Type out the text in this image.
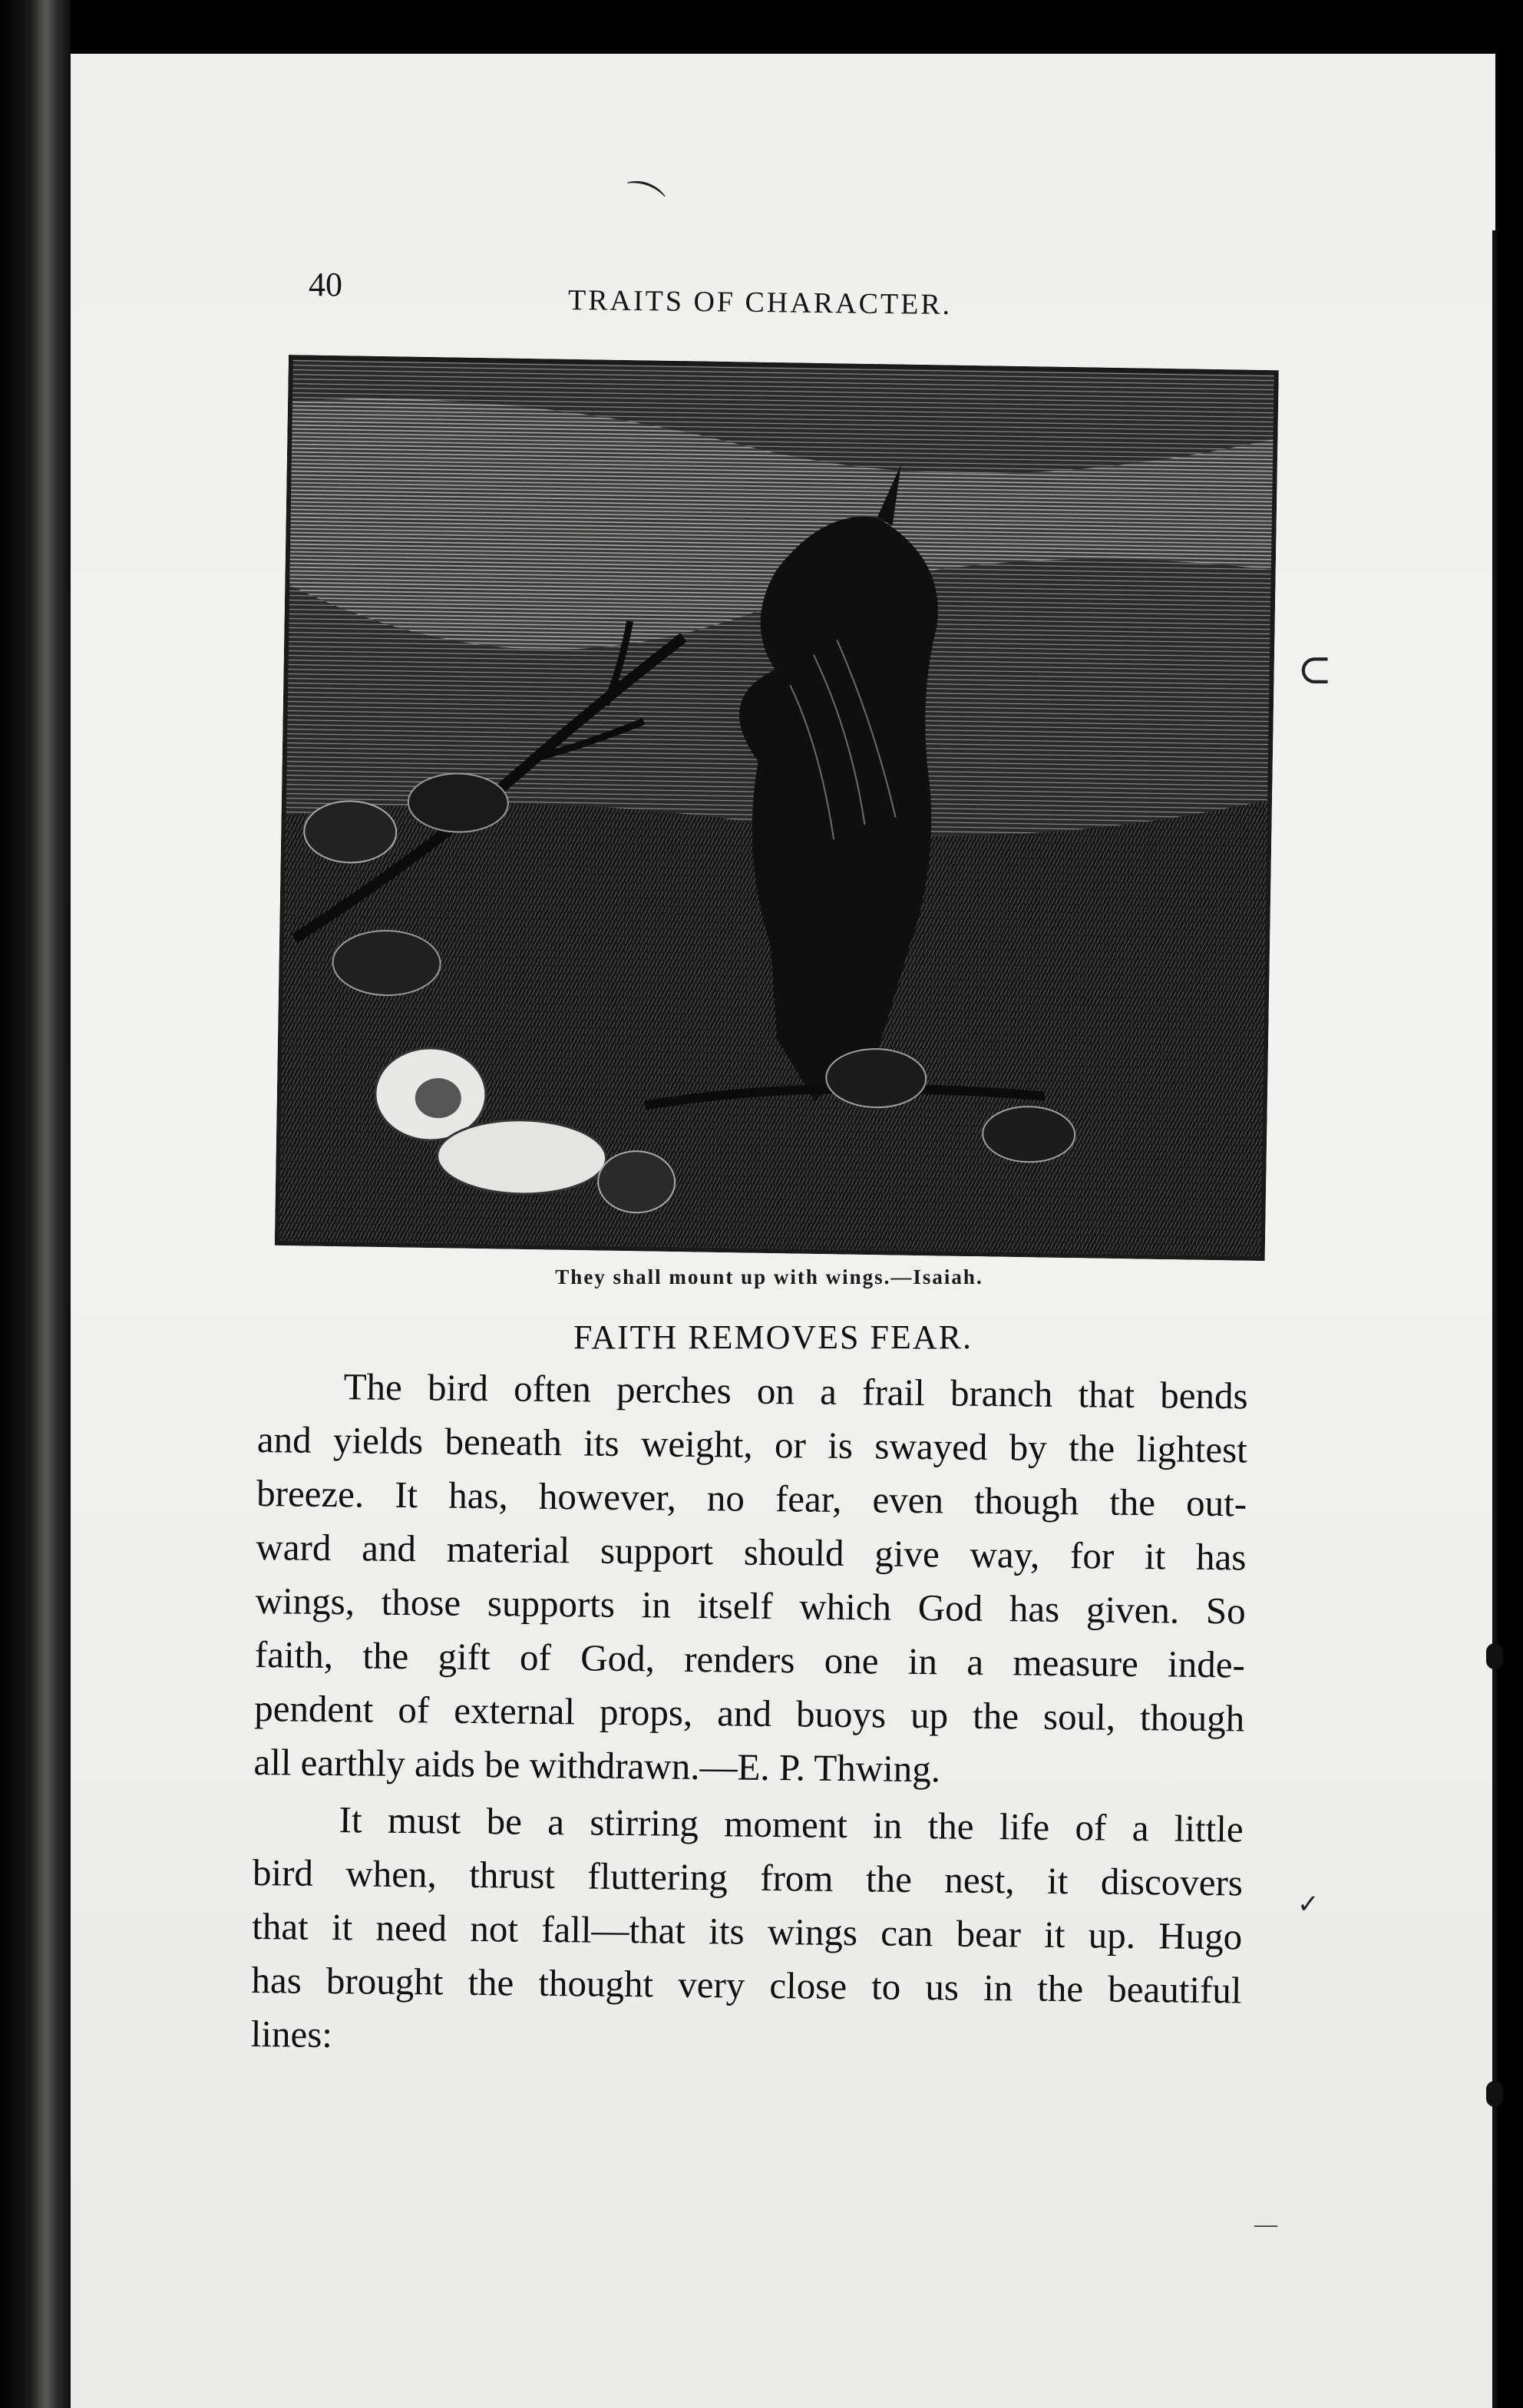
⌒
⊂
✓
—
40	TRAITS OF CHARACTER.
They shall mount up with wings.—Isaiah.
FAITH REMOVES FEAR.
The bird often perches on a frail branch that bends
and yields beneath its weight, or is swayed by the lightest
breeze. It has, however, no fear, even though the out-
ward and material support should give way, for it has
wings, those supports in itself which God has given. So
faith, the gift of God, renders one in a measure inde-
pendent of external props, and buoys up the soul, though
all earthly aids be withdrawn.—E. P. Thwing.
It must be a stirring moment in the life of a little
bird when, thrust fluttering from the nest, it discovers
that it need not fall—that its wings can bear it up. Hugo
has brought the thought very close to us in the beautiful
lines:
